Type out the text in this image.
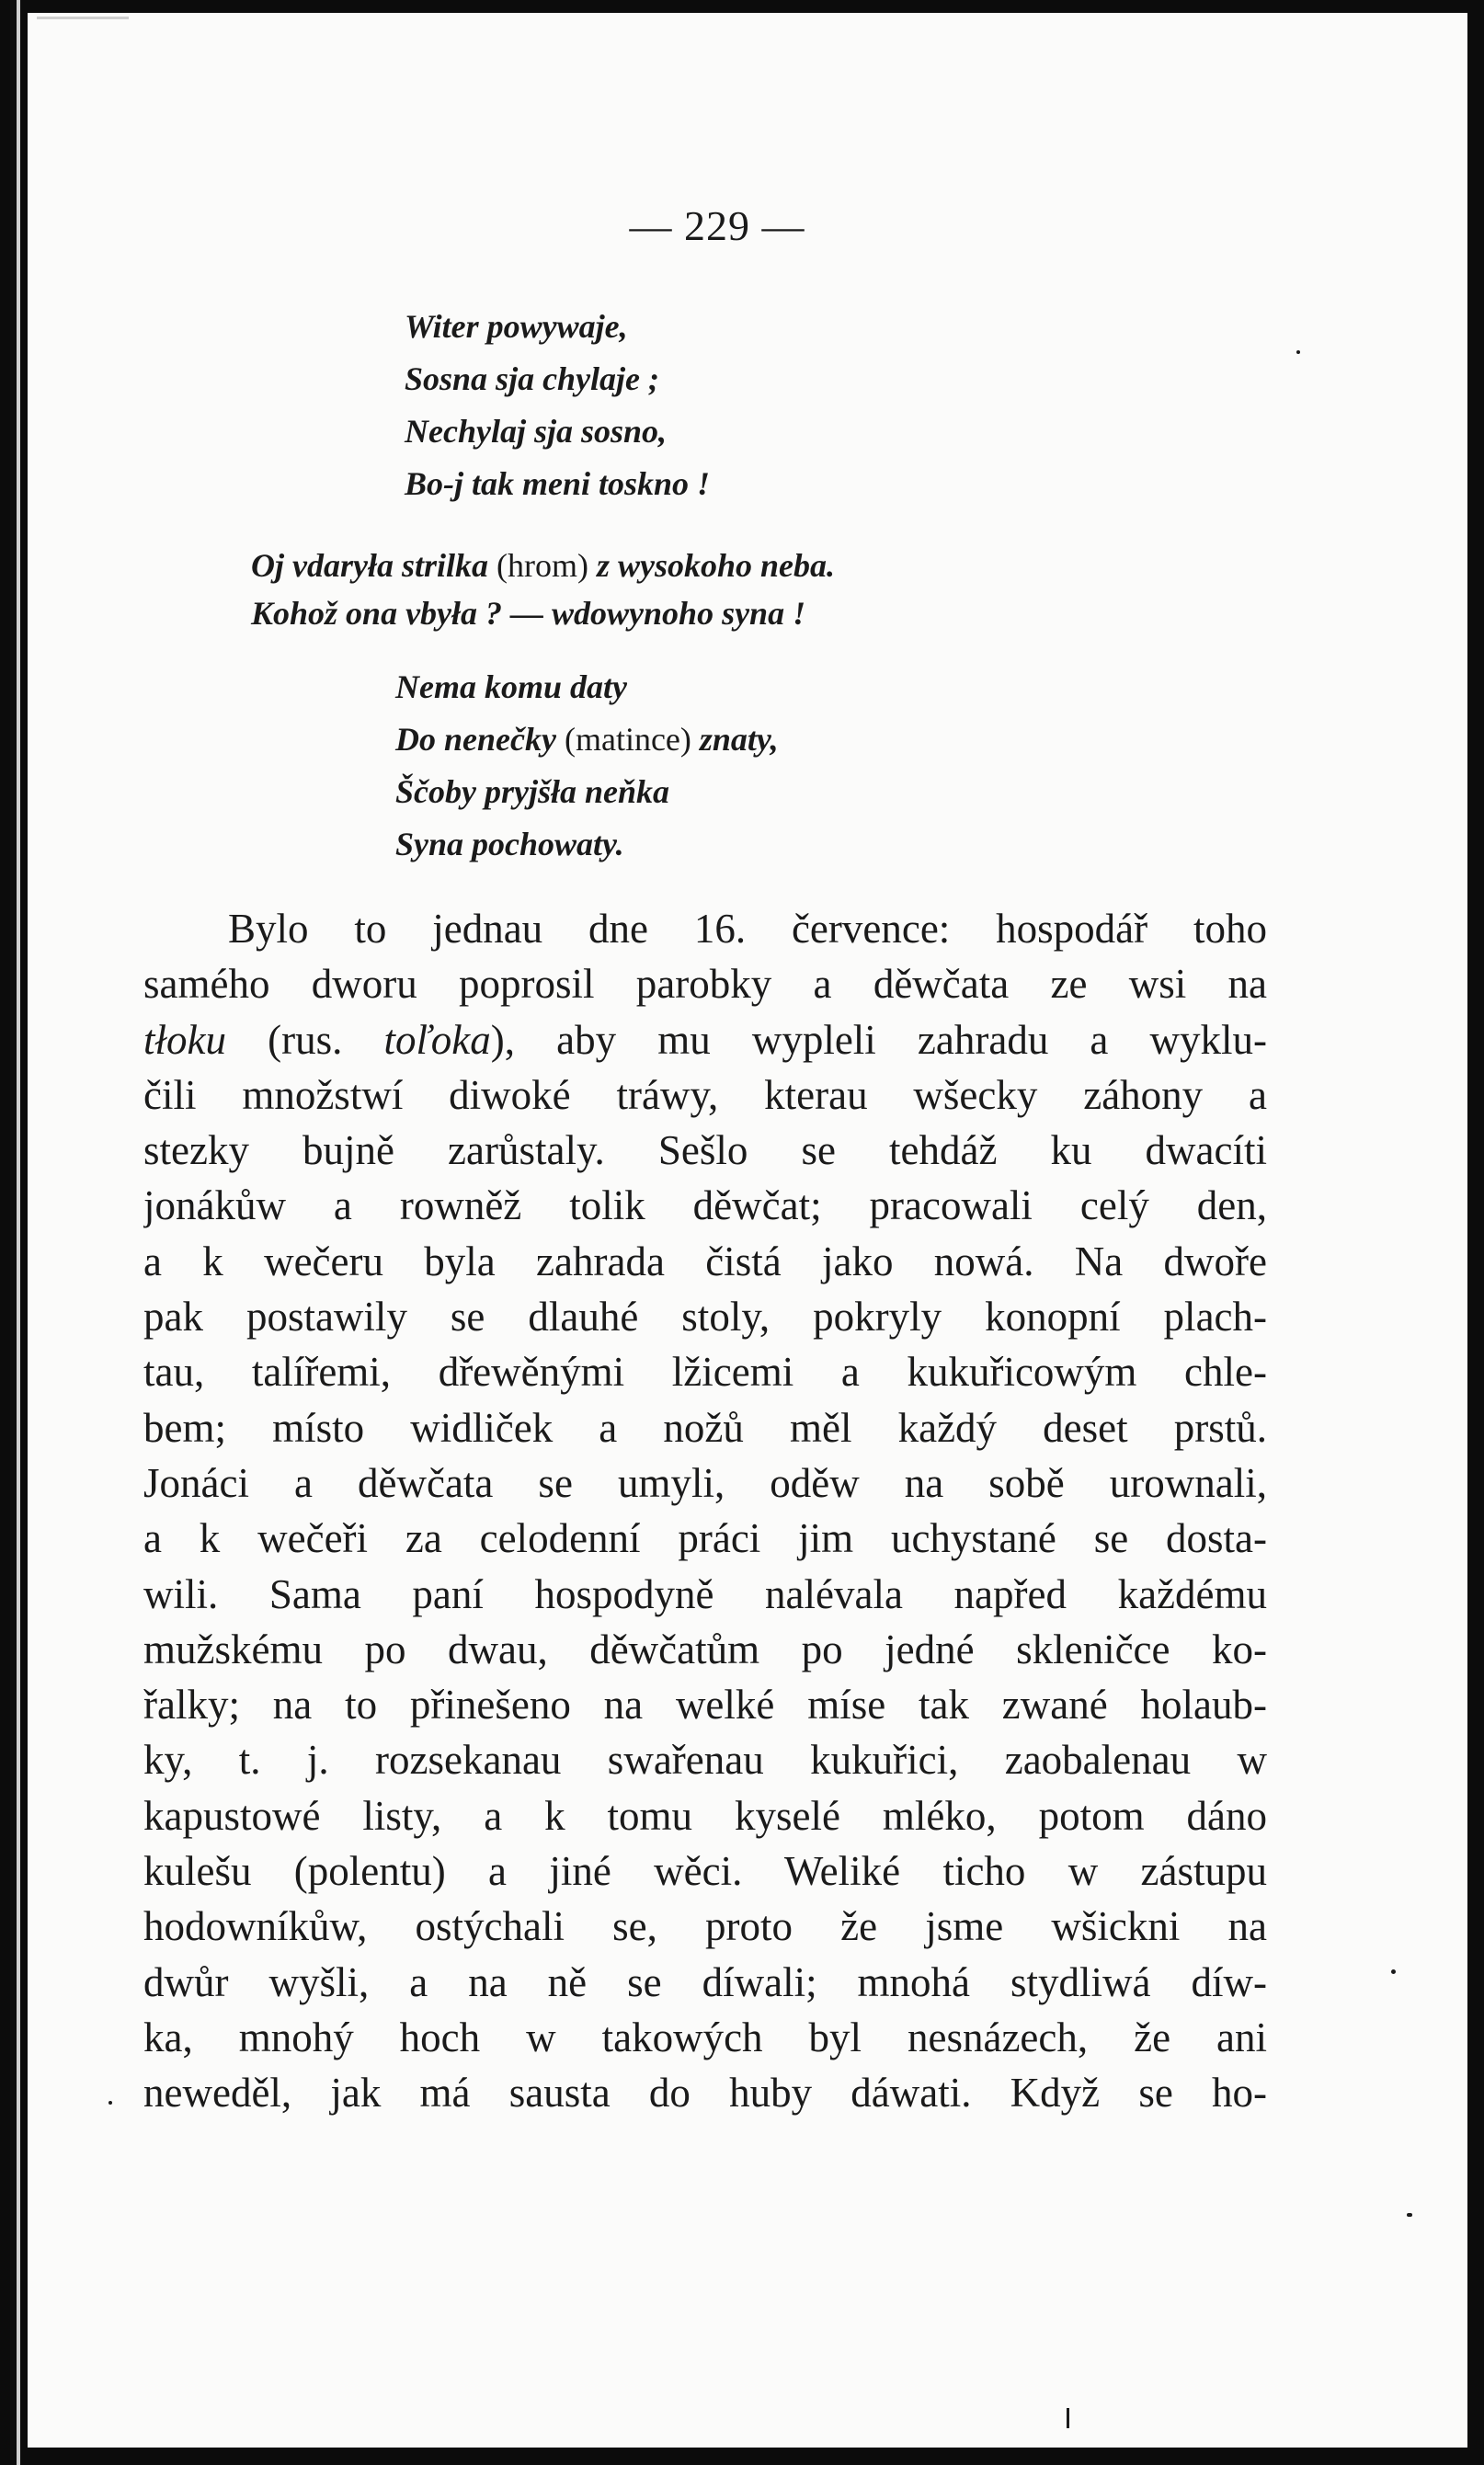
— 229 —
Witer powywaje,
Sosna sja chylaje ;
Nechylaj sja sosno,
Bo-j tak meni toskno !
Oj vdaryła strilka (hrom) z wysokoho neba.
Kohož ona vbyła ? — wdowynoho syna !
Nema komu daty
Do nenečky (matince) znaty,
Ščoby pryjšła neňka
Syna pochowaty.
Bylo to jednau dne 16. července: hospodář toho
samého dworu poprosil parobky a děwčata ze wsi na
tłoku (rus. toľoka), aby mu wypleli zahradu a wyklu-
čili množstwí diwoké tráwy, kterau wšecky záhony a
stezky bujně zarůstaly. Sešlo se tehdáž ku dwacíti
jonákůw a rowněž tolik děwčat; pracowali celý den,
a k wečeru byla zahrada čistá jako nowá. Na dwoře
pak postawily se dlauhé stoly, pokryly konopní plach-
tau, talířemi, dřewěnými lžicemi a kukuřicowým chle-
bem; místo widliček a nožů měl každý deset prstů.
Jonáci a děwčata se umyli, oděw na sobě urownali,
a k wečeři za celodenní práci jim uchystané se dosta-
wili. Sama paní hospodyně nalévala napřed každému
mužskému po dwau, děwčatům po jedné skleničce ko-
řalky; na to přinešeno na welké míse tak zwané holaub-
ky, t. j. rozsekanau swařenau kukuřici, zaobalenau w
kapustowé listy, a k tomu kyselé mléko, potom dáno
kulešu (polentu) a jiné wěci. Weliké ticho w zástupu
hodowníkůw, ostýchali se, proto že jsme wšickni na
dwůr wyšli, a na ně se díwali; mnohá stydliwá díw-
ka, mnohý hoch w takowých byl nesnázech, že ani
neweděl, jak má sausta do huby dáwati. Když se ho-
